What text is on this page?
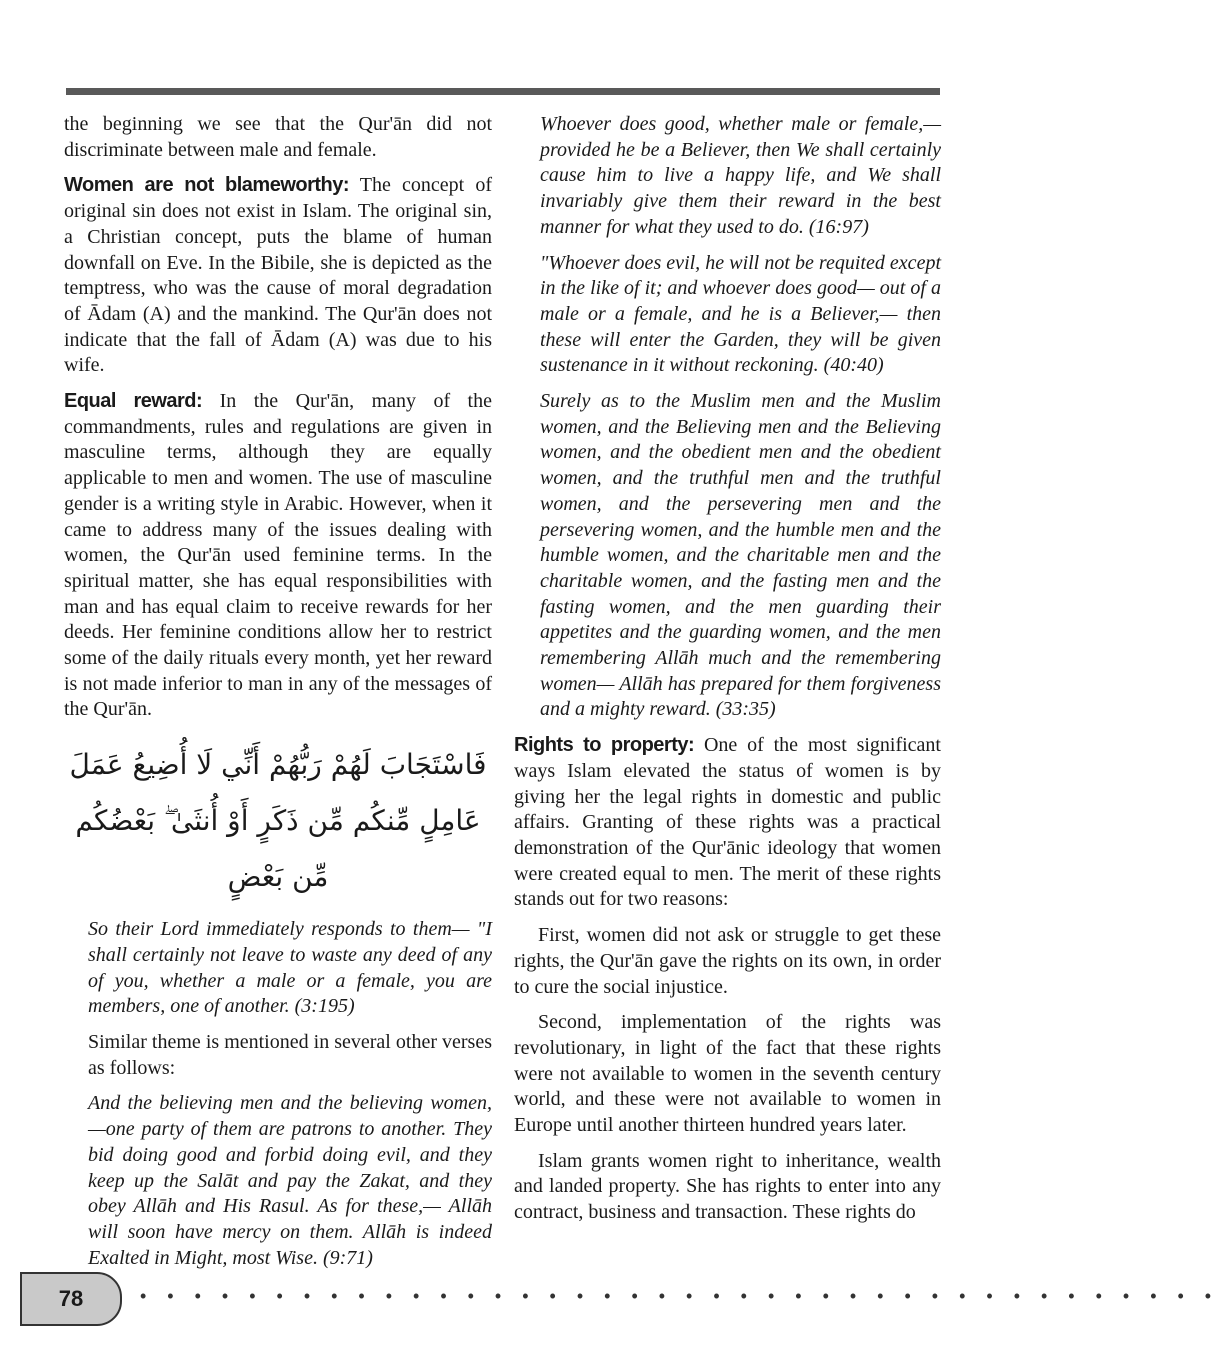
the beginning we see that the Qur'ān did not discriminate between male and female.

Women are not blameworthy: The concept of original sin does not exist in Islam. The original sin, a Christian concept, puts the blame of human downfall on Eve. In the Bibile, she is depicted as the temptress, who was the cause of moral degradation of Ādam (A) and the mankind. The Qur'ān does not indicate that the fall of Ādam (A) was due to his wife.

Equal reward: In the Qur'ān, many of the commandments, rules and regulations are given in masculine terms, although they are equally applicable to men and women. The use of masculine gender is a writing style in Arabic. However, when it came to address many of the issues dealing with women, the Qur'ān used feminine terms. In the spiritual matter, she has equal responsibilities with man and has equal claim to receive rewards for her deeds. Her feminine conditions allow her to restrict some of the daily rituals every month, yet her reward is not made inferior to man in any of the messages of the Qur'ān.

فَاسْتَجَابَ لَهُمْ رَبُّهُمْ أَنِّي لَا أُضِيعُ عَمَلَ عَامِلٍ مِّنكُم مِّن ذَكَرٍ أَوْ أُنثَىٰ ۖ بَعْضُكُم مِّن بَعْضٍ

So their Lord immediately responds to them— "I shall certainly not leave to waste any deed of any of you, whether a male or a female, you are members, one of another. (3:195)

Similar theme is mentioned in several other verses as follows:

And the believing men and the believing women,—one party of them are patrons to another. They bid doing good and forbid doing evil, and they keep up the Salāt and pay the Zakat, and they obey Allāh and His Rasul. As for these,— Allāh will soon have mercy on them. Allāh is indeed Exalted in Might, most Wise. (9:71)

Whoever does good, whether male or female,— provided he be a Believer, then We shall certainly cause him to live a happy life, and We shall invariably give them their reward in the best manner for what they used to do. (16:97)

"Whoever does evil, he will not be requited except in the like of it; and whoever does good— out of a male or a female, and he is a Believer,— then these will enter the Garden, they will be given sustenance in it without reckoning. (40:40)

Surely as to the Muslim men and the Muslim women, and the Believing men and the Believing women, and the obedient men and the obedient women, and the truthful men and the truthful women, and the persevering men and the persevering women, and the humble men and the humble women, and the charitable men and the charitable women, and the fasting men and the fasting women, and the men guarding their appetites and the guarding women, and the men remembering Allāh much and the remembering women— Allāh has prepared for them forgiveness and a mighty reward. (33:35)

Rights to property: One of the most significant ways Islam elevated the status of women is by giving her the legal rights in domestic and public affairs. Granting of these rights was a practical demonstration of the Qur'ānic ideology that women were created equal to men. The merit of these rights stands out for two reasons:

First, women did not ask or struggle to get these rights, the Qur'ān gave the rights on its own, in order to cure the social injustice.

Second, implementation of the rights was revolutionary, in light of the fact that these rights were not available to women in the seventh century world, and these were not available to women in Europe until another thirteen hundred years later.

Islam grants women right to inheritance, wealth and landed property. She has rights to enter into any contract, business and transaction. These rights do

78	• • • • • • • • • • • • • • • • • • • • • • • • • • • • • • • • • • • • • • • •
